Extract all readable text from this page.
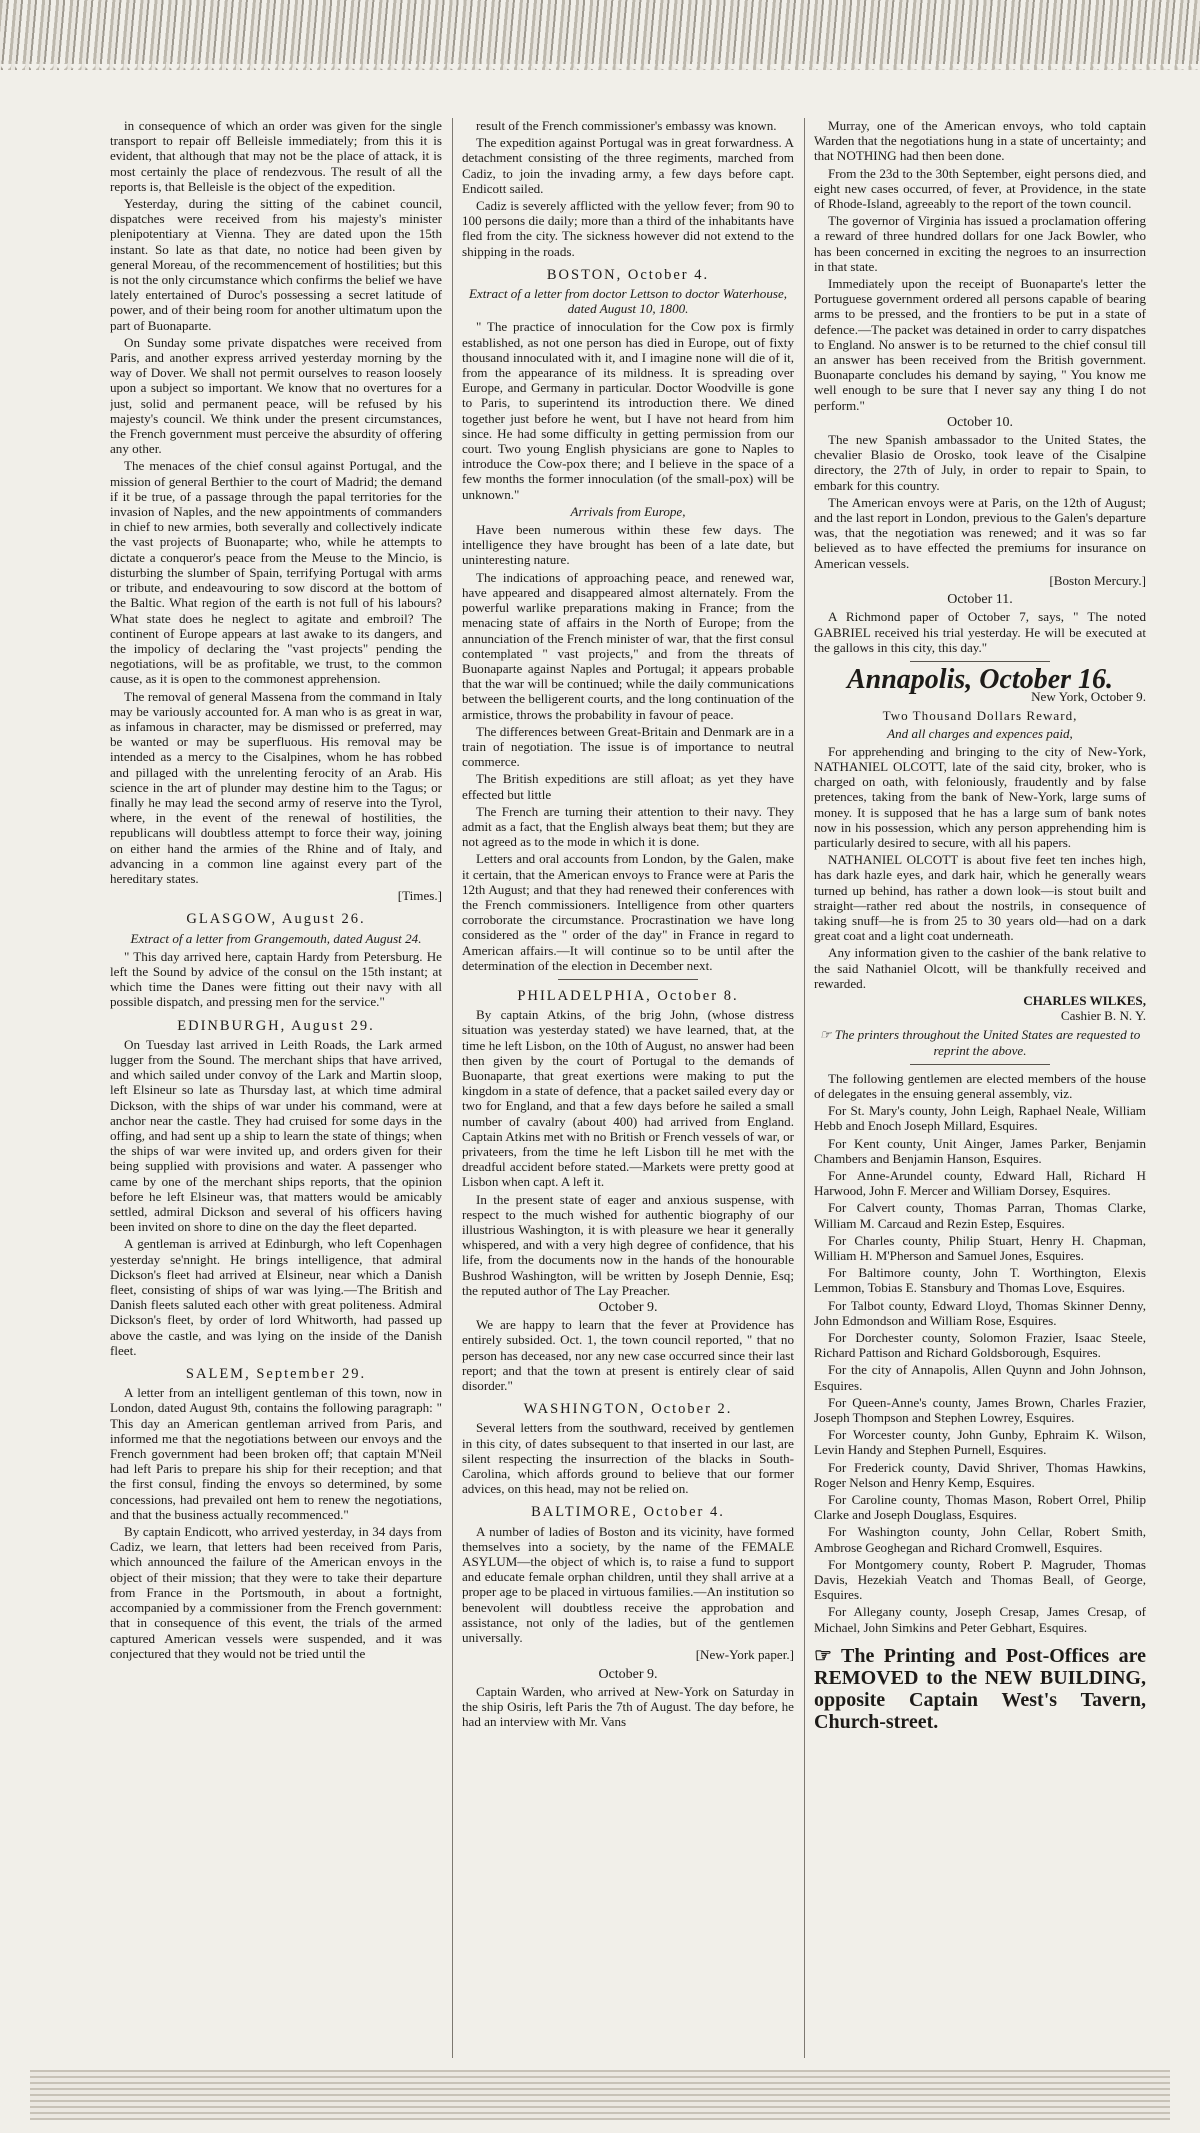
in consequence of which an order was given for the single transport to repair off Belleisle immediately; from this it is evident, that although that may not be the place of attack, it is most certainly the place of rendezvous. The result of all the reports is, that Belleisle is the object of the expedition.

Yesterday, during the sitting of the cabinet council, dispatches were received from his majesty's minister plenipotentiary at Vienna. They are dated upon the 15th instant. So late as that date, no notice had been given by general Moreau, of the recommencement of hostilities; but this is not the only circumstance which confirms the belief we have lately entertained of Duroc's possessing a secret latitude of power, and of their being room for another ultimatum upon the part of Buonaparte.

On Sunday some private dispatches were received from Paris, and another express arrived yesterday morning by the way of Dover. We shall not permit ourselves to reason loosely upon a subject so important. We know that no overtures for a just, solid and permanent peace, will be refused by his majesty's council. We think under the present circumstances, the French government must perceive the absurdity of offering any other.

The menaces of the chief consul against Portugal, and the mission of general Berthier to the court of Madrid; the demand if it be true, of a passage through the papal territories for the invasion of Naples, and the new appointments of commanders in chief to new armies, both severally and collectively indicate the vast projects of Buonaparte; who, while he attempts to dictate a conqueror's peace from the Meuse to the Mincio, is disturbing the slumber of Spain, terrifying Portugal with arms or tribute, and endeavouring to sow discord at the bottom of the Baltic. What region of the earth is not full of his labours? What state does he neglect to agitate and embroil? The continent of Europe appears at last awake to its dangers, and the impolicy of declaring the "vast projects" pending the negotiations, will be as profitable, we trust, to the common cause, as it is open to the commonest apprehension.

The removal of general Massena from the command in Italy may be variously accounted for. A man who is as great in war, as infamous in character, may be dismissed or preferred, may be wanted or may be superfluous. His removal may be intended as a mercy to the Cisalpines, whom he has robbed and pillaged with the unrelenting ferocity of an Arab. His science in the art of plunder may destine him to the Tagus; or finally he may lead the second army of reserve into the Tyrol, where, in the event of the renewal of hostilities, the republicans will doubtless attempt to force their way, joining on either hand the armies of the Rhine and of Italy, and advancing in a common line against every part of the hereditary states.

[Times.]

GLASGOW, August 26.

Extract of a letter from Grangemouth, dated August 24.

" This day arrived here, captain Hardy from Petersburg. He left the Sound by advice of the consul on the 15th instant; at which time the Danes were fitting out their navy with all possible dispatch, and pressing men for the service."

EDINBURGH, August 29.

On Tuesday last arrived in Leith Roads, the Lark armed lugger from the Sound. The merchant ships that have arrived, and which sailed under convoy of the Lark and Martin sloop, left Elsineur so late as Thursday last, at which time admiral Dickson, with the ships of war under his command, were at anchor near the castle. They had cruised for some days in the offing, and had sent up a ship to learn the state of things; when the ships of war were invited up, and orders given for their being supplied with provisions and water. A passenger who came by one of the merchant ships reports, that the opinion before he left Elsineur was, that matters would be amicably settled, admiral Dickson and several of his officers having been invited on shore to dine on the day the fleet departed.

A gentleman is arrived at Edinburgh, who left Copenhagen yesterday se'nnight. He brings intelligence, that admiral Dickson's fleet had arrived at Elsineur, near which a Danish fleet, consisting of ships of war was lying.—The British and Danish fleets saluted each other with great politeness. Admiral Dickson's fleet, by order of lord Whitworth, had passed up above the castle, and was lying on the inside of the Danish fleet.

SALEM, September 29.

A letter from an intelligent gentleman of this town, now in London, dated August 9th, contains the following paragraph: " This day an American gentleman arrived from Paris, and informed me that the negotiations between our envoys and the French government had been broken off; that captain M'Neil had left Paris to prepare his ship for their reception; and that the first consul, finding the envoys so determined, by some concessions, had prevailed ont hem to renew the negotiations, and that the business actually recommenced."

By captain Endicott, who arrived yesterday, in 34 days from Cadiz, we learn, that letters had been received from Paris, which announced the failure of the American envoys in the object of their mission; that they were to take their departure from France in the Portsmouth, in about a fortnight, accompanied by a commissioner from the French government: that in consequence of this event, the trials of the armed captured American vessels were suspended, and it was conjectured that they would not be tried until the

result of the French commissioner's embassy was known.

The expedition against Portugal was in great forwardness. A detachment consisting of the three regiments, marched from Cadiz, to join the invading army, a few days before capt. Endicott sailed.

Cadiz is severely afflicted with the yellow fever; from 90 to 100 persons die daily; more than a third of the inhabitants have fled from the city. The sickness however did not extend to the shipping in the roads.

BOSTON, October 4.

Extract of a letter from doctor Lettson to doctor Waterhouse, dated August 10, 1800.

" The practice of innoculation for the Cow pox is firmly established, as not one person has died in Europe, out of fixty thousand innoculated with it, and I imagine none will die of it, from the appearance of its mildness. It is spreading over Europe, and Germany in particular. Doctor Woodville is gone to Paris, to superintend its introduction there. We dined together just before he went, but I have not heard from him since. He had some difficulty in getting permission from our court. Two young English physicians are gone to Naples to introduce the Cow-pox there; and I believe in the space of a few months the former innoculation (of the small-pox) will be unknown."

Arrivals from Europe,

Have been numerous within these few days. The intelligence they have brought has been of a late date, but uninteresting nature.

The indications of approaching peace, and renewed war, have appeared and disappeared almost alternately. From the powerful warlike preparations making in France; from the menacing state of affairs in the North of Europe; from the annunciation of the French minister of war, that the first consul contemplated " vast projects," and from the threats of Buonaparte against Naples and Portugal; it appears probable that the war will be continued; while the daily communications between the belligerent courts, and the long continuation of the armistice, throws the probability in favour of peace.

The differences between Great-Britain and Denmark are in a train of negotiation. The issue is of importance to neutral commerce.

The British expeditions are still afloat; as yet they have effected but little

The French are turning their attention to their navy. They admit as a fact, that the English always beat them; but they are not agreed as to the mode in which it is done.

Letters and oral accounts from London, by the Galen, make it certain, that the American envoys to France were at Paris the 12th August; and that they had renewed their conferences with the French commissioners. Intelligence from other quarters corroborate the circumstance. Procrastination we have long considered as the " order of the day" in France in regard to American affairs.—It will continue so to be until after the determination of the election in December next.

PHILADELPHIA, October 8.

By captain Atkins, of the brig John, (whose distress situation was yesterday stated) we have learned, that, at the time he left Lisbon, on the 10th of August, no answer had been then given by the court of Portugal to the demands of Buonaparte, that great exertions were making to put the kingdom in a state of defence, that a packet sailed every day or two for England, and that a few days before he sailed a small number of cavalry (about 400) had arrived from England. Captain Atkins met with no British or French vessels of war, or privateers, from the time he left Lisbon till he met with the dreadful accident before stated.—Markets were pretty good at Lisbon when capt. A left it.

In the present state of eager and anxious suspense, with respect to the much wished for authentic biography of our illustrious Washington, it is with pleasure we hear it generally whispered, and with a very high degree of confidence, that his life, from the documents now in the hands of the honourable Bushrod Washington, will be written by Joseph Dennie, Esq; the reputed author of The Lay Preacher.

October 9.

We are happy to learn that the fever at Providence has entirely subsided. Oct. 1, the town council reported, " that no person has deceased, nor any new case occurred since their last report; and that the town at present is entirely clear of said disorder."

WASHINGTON, October 2.

Several letters from the southward, received by gentlemen in this city, of dates subsequent to that inserted in our last, are silent respecting the insurrection of the blacks in South-Carolina, which affords ground to believe that our former advices, on this head, may not be relied on.

BALTIMORE, October 4.

A number of ladies of Boston and its vicinity, have formed themselves into a society, by the name of the FEMALE ASYLUM—the object of which is, to raise a fund to support and educate female orphan children, until they shall arrive at a proper age to be placed in virtuous families.—An institution so benevolent will doubtless receive the approbation and assistance, not only of the ladies, but of the gentlemen universally.

[New-York paper.]

October 9.

Captain Warden, who arrived at New-York on Saturday in the ship Osiris, left Paris the 7th of August. The day before, he had an interview with Mr. Vans

Murray, one of the American envoys, who told captain Warden that the negotiations hung in a state of uncertainty; and that NOTHING had then been done.

From the 23d to the 30th September, eight persons died, and eight new cases occurred, of fever, at Providence, in the state of Rhode-Island, agreeably to the report of the town council.

The governor of Virginia has issued a proclamation offering a reward of three hundred dollars for one Jack Bowler, who has been concerned in exciting the negroes to an insurrection in that state.

Immediately upon the receipt of Buonaparte's letter the Portuguese government ordered all persons capable of bearing arms to be pressed, and the frontiers to be put in a state of defence.—The packet was detained in order to carry dispatches to England. No answer is to be returned to the chief consul till an answer has been received from the British government. Buonaparte concludes his demand by saying, " You know me well enough to be sure that I never say any thing I do not perform."

October 10.

The new Spanish ambassador to the United States, the chevalier Blasio de Orosko, took leave of the Cisalpine directory, the 27th of July, in order to repair to Spain, to embark for this country.

The American envoys were at Paris, on the 12th of August; and the last report in London, previous to the Galen's departure was, that the negotiation was renewed; and it was so far believed as to have effected the premiums for insurance on American vessels.

[Boston Mercury.]

October 11.

A Richmond paper of October 7, says, " The noted GABRIEL received his trial yesterday. He will be executed at the gallows in this city, this day."

Annapolis, October 16.

New York, October 9.

Two Thousand Dollars Reward,

And all charges and expences paid,

For apprehending and bringing to the city of New-York, NATHANIEL OLCOTT, late of the said city, broker, who is charged on oath, with feloniously, fraudently and by false pretences, taking from the bank of New-York, large sums of money. It is supposed that he has a large sum of bank notes now in his possession, which any person apprehending him is particularly desired to secure, with all his papers.

NATHANIEL OLCOTT is about five feet ten inches high, has dark hazle eyes, and dark hair, which he generally wears turned up behind, has rather a down look—is stout built and straight—rather red about the nostrils, in consequence of taking snuff—he is from 25 to 30 years old—had on a dark great coat and a light coat underneath.

Any information given to the cashier of the bank relative to the said Nathaniel Olcott, will be thankfully received and rewarded.

CHARLES WILKES,

Cashier B. N. Y.

☞ The printers throughout the United States are requested to reprint the above.

The following gentlemen are elected members of the house of delegates in the ensuing general assembly, viz.

For St. Mary's county, John Leigh, Raphael Neale, William Hebb and Enoch Joseph Millard, Esquires.

For Kent county, Unit Ainger, James Parker, Benjamin Chambers and Benjamin Hanson, Esquires.

For Anne-Arundel county, Edward Hall, Richard H Harwood, John F. Mercer and William Dorsey, Esquires.

For Calvert county, Thomas Parran, Thomas Clarke, William M. Carcaud and Rezin Estep, Esquires.

For Charles county, Philip Stuart, Henry H. Chapman, William H. M'Pherson and Samuel Jones, Esquires.

For Baltimore county, John T. Worthington, Elexis Lemmon, Tobias E. Stansbury and Thomas Love, Esquires.

For Talbot county, Edward Lloyd, Thomas Skinner Denny, John Edmondson and William Rose, Esquires.

For Dorchester county, Solomon Frazier, Isaac Steele, Richard Pattison and Richard Goldsborough, Esquires.

For the city of Annapolis, Allen Quynn and John Johnson, Esquires.

For Queen-Anne's county, James Brown, Charles Frazier, Joseph Thompson and Stephen Lowrey, Esquires.

For Worcester county, John Gunby, Ephraim K. Wilson, Levin Handy and Stephen Purnell, Esquires.

For Frederick county, David Shriver, Thomas Hawkins, Roger Nelson and Henry Kemp, Esquires.

For Caroline county, Thomas Mason, Robert Orrel, Philip Clarke and Joseph Douglass, Esquires.

For Washington county, John Cellar, Robert Smith, Ambrose Geoghegan and Richard Cromwell, Esquires.

For Montgomery county, Robert P. Magruder, Thomas Davis, Hezekiah Veatch and Thomas Beall, of George, Esquires.

For Allegany county, Joseph Cresap, James Cresap, of Michael, John Simkins and Peter Gebhart, Esquires.

☞ The Printing and Post-Offices are REMOVED to the NEW BUILDING, opposite Captain West's Tavern, Church-street.
